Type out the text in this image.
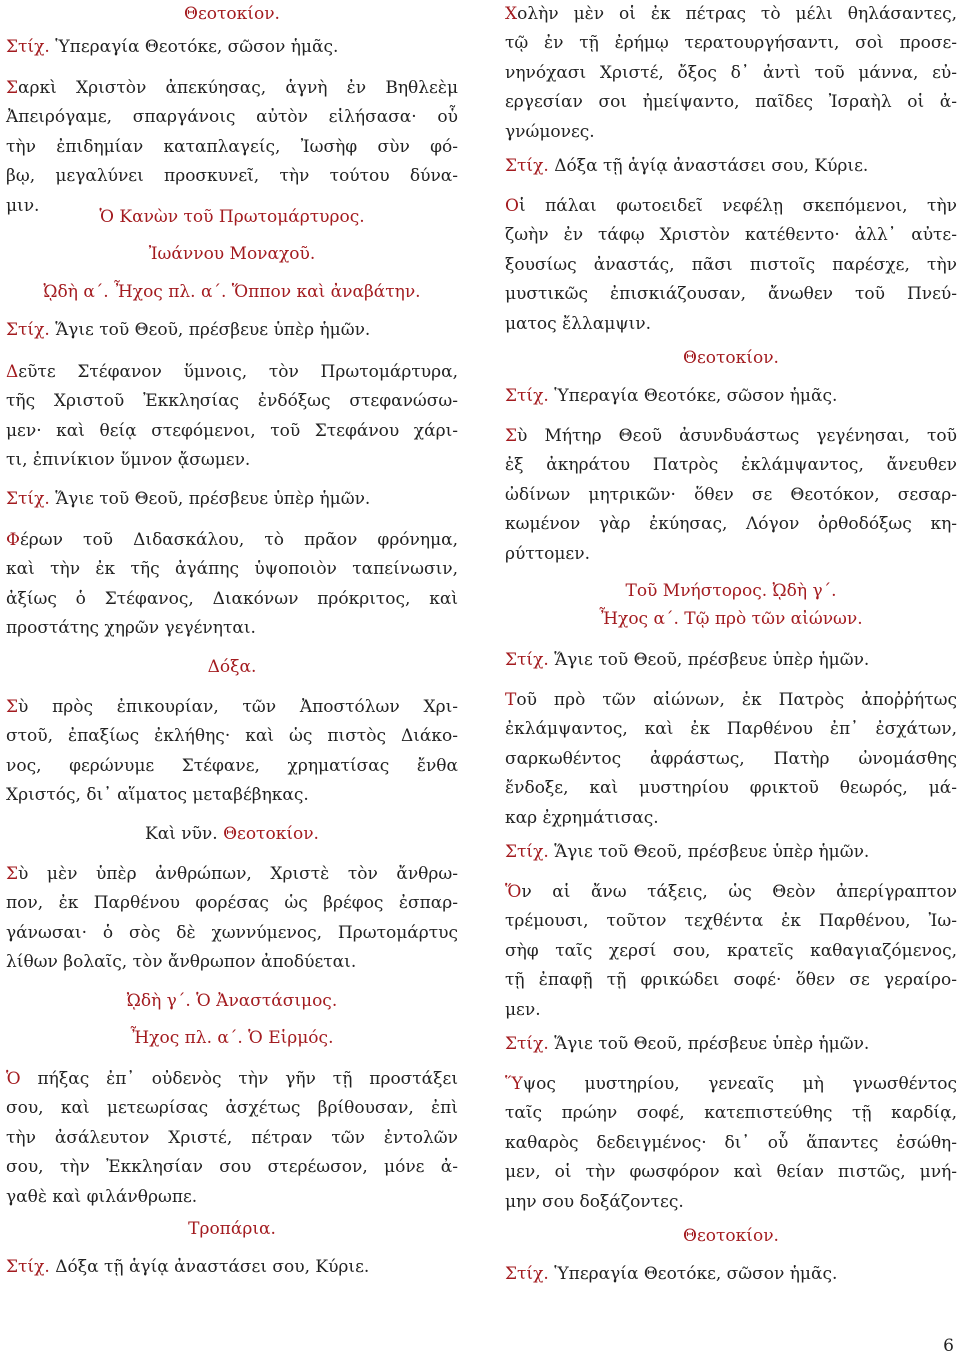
Θεοτοκίον.
Στίχ. Ὑπεραγία Θεοτόκε, σῶσον ἡμᾶς.
Σαρκὶ Χριστὸν ἀπεκύησας, ἁγνὴ ἐν Βηθλεὲμ
Ἀπειρόγαμε, σπαργάνοις αὐτὸν εἱλήσασα· οὗ
τὴν ἐπιδημίαν καταπλαγείς, Ἰωσὴφ σὺν φό-
βῳ, μεγαλύνει προσκυνεῖ, τὴν τούτου δύνα-
μιν.
Ὁ Κανὼν τοῦ Πρωτομάρτυρος.
Ἰωάννου Μοναχοῦ.
ᾨδὴ α΄. Ἦχος πλ. α΄. Ὅππον καὶ ἀναβάτην.
Στίχ. Ἅγιε τοῦ Θεοῦ, πρέσβευε ὑπὲρ ἡμῶν.
Δεῦτε Στέφανον ὕμνοις, τὸν Πρωτομάρτυρα,
τῆς Χριστοῦ Ἐκκλησίας ἐνδόξως στεφανώσω-
μεν· καὶ θείᾳ στεφόμενοι, τοῦ Στεφάνου χάρι-
τι, ἐπινίκιον ὕμνον ᾄσωμεν.
Στίχ. Ἅγιε τοῦ Θεοῦ, πρέσβευε ὑπὲρ ἡμῶν.
Φέρων τοῦ Διδασκάλου, τὸ πρᾶον φρόνημα,
καὶ τὴν ἐκ τῆς ἀγάπης ὑψοποιὸν ταπείνωσιν,
ἀξίως ὁ Στέφανος, Διακόνων πρόκριτος, καὶ
προστάτης χηρῶν γεγένηται.
Δόξα.
Σὺ πρὸς ἐπικουρίαν, τῶν Ἀποστόλων Χρι-
στοῦ, ἐπαξίως ἐκλήθης· καὶ ὡς πιστὸς Διάκο-
νος, φερώνυμε Στέφανε, χρηματίσας ἔνθα
Χριστός, δι᾽ αἵματος μεταβέβηκας.
Καὶ νῦν. Θεοτοκίον.
Σὺ μὲν ὑπὲρ ἀνθρώπων, Χριστὲ τὸν ἄνθρω-
πον, ἐκ Παρθένου φορέσας ὡς βρέφος ἐσπαρ-
γάνωσαι· ὁ σὸς δὲ χωννύμενος, Πρωτομάρτυς
λίθων βολαῖς, τὸν ἄνθρωπον ἀποδύεται.
ᾨδὴ γ΄. Ὁ Ἀναστάσιμος.
Ἦχος πλ. α΄. Ὁ Εἱρμός.
Ὁ πήξας ἐπ᾽ οὐδενὸς τὴν γῆν τῇ προστάξει
σου, καὶ μετεωρίσας ἀσχέτως βρίθουσαν, ἐπὶ
τὴν ἀσάλευτον Χριστέ, πέτραν τῶν ἐντολῶν
σου, τὴν Ἐκκλησίαν σου στερέωσον, μόνε ἀ-
γαθὲ καὶ φιλάνθρωπε.
Τροπάρια.
Στίχ. Δόξα τῇ ἁγίᾳ ἀναστάσει σου, Κύριε.
Χολὴν μὲν οἱ ἐκ πέτρας τὸ μέλι θηλάσαντες,
τῷ ἐν τῇ ἐρήμῳ τερατουργήσαντι, σοὶ προσε-
νηνόχασι Χριστέ, ὄξος δ᾽ ἀντὶ τοῦ μάννα, εὐ-
εργεσίαν σοι ἠμείψαντο, παῖδες Ἰσραὴλ οἱ ἀ-
γνώμονες.
Στίχ. Δόξα τῇ ἁγίᾳ ἀναστάσει σου, Κύριε.
Οἱ πάλαι φωτοειδεῖ νεφέλῃ σκεπόμενοι, τὴν
ζωὴν ἐν τάφῳ Χριστὸν κατέθεντο· ἀλλ᾽ αὐτε-
ξουσίως ἀναστάς, πᾶσι πιστοῖς παρέσχε, τὴν
μυστικῶς ἐπισκιάζουσαν, ἄνωθεν τοῦ Πνεύ-
ματος ἔλλαμψιν.
Θεοτοκίον.
Στίχ. Ὑπεραγία Θεοτόκε, σῶσον ἡμᾶς.
Σὺ Μήτηρ Θεοῦ ἀσυνδυάστως γεγένησαι, τοῦ
ἐξ ἀκηράτου Πατρὸς ἐκλάμψαντος, ἄνευθεν
ὠδίνων μητρικῶν· ὅθεν σε Θεοτόκον, σεσαρ-
κωμένον γὰρ ἐκύησας, Λόγον ὀρθοδόξως κη-
ρύττομεν.
Τοῦ Μνήστορος. ᾨδὴ γ΄.
Ἦχος α΄. Τῷ πρὸ τῶν αἰώνων.
Στίχ. Ἅγιε τοῦ Θεοῦ, πρέσβευε ὑπὲρ ἡμῶν.
Τοῦ πρὸ τῶν αἰώνων, ἐκ Πατρὸς ἀποῤῥήτως
ἐκλάμψαντος, καὶ ἐκ Παρθένου ἐπ᾽ ἐσχάτων,
σαρκωθέντος ἀφράστως, Πατὴρ ὠνομάσθης
ἔνδοξε, καὶ μυστηρίου φρικτοῦ θεωρός, μά-
καρ ἐχρημάτισας.
Στίχ. Ἅγιε τοῦ Θεοῦ, πρέσβευε ὑπὲρ ἡμῶν.
Ὅν αἱ ἄνω τάξεις, ὡς Θεὸν ἀπερίγραπτον
τρέμουσι, τοῦτον τεχθέντα ἐκ Παρθένου, Ἰω-
σὴφ ταῖς χερσί σου, κρατεῖς καθαγιαζόμενος,
τῇ ἐπαφῇ τῇ φρικώδει σοφέ· ὅθεν σε γεραίρο-
μεν.
Στίχ. Ἅγιε τοῦ Θεοῦ, πρέσβευε ὑπὲρ ἡμῶν.
Ὕψος μυστηρίου, γενεαῖς μὴ γνωσθέντος
ταῖς πρώην σοφέ, κατεπιστεύθης τῇ καρδίᾳ,
καθαρὸς δεδειγμένος· δι᾽ οὗ ἅπαντες ἐσώθη-
μεν, οἱ τὴν φωσφόρον καὶ θείαν πιστῶς, μνή-
μην σου δοξάζοντες.
Θεοτοκίον.
Στίχ. Ὑπεραγία Θεοτόκε, σῶσον ἡμᾶς.
6
